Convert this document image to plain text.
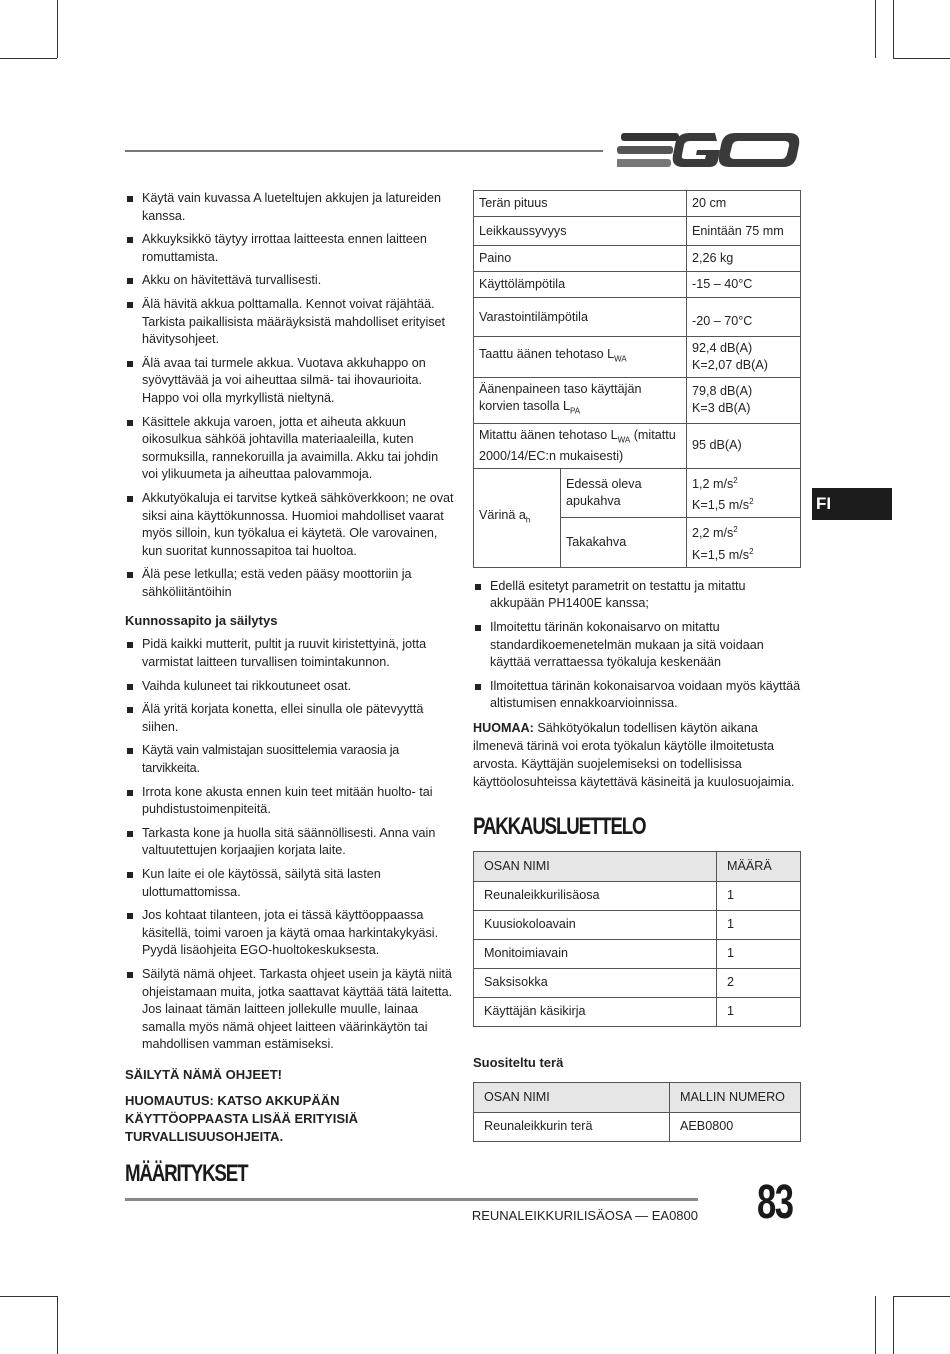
Käytä vain kuvassa A lueteltujen akkujen ja latureiden kanssa.
Akkuyksikkö täytyy irrottaa laitteesta ennen laitteen romuttamista.
Akku on hävitettävä turvallisesti.
Älä hävitä akkua polttamalla. Kennot voivat räjähtää. Tarkista paikallisista määräyksistä mahdolliset erityiset hävitysohjeet.
Älä avaa tai turmele akkua. Vuotava akkuhappo on syövyttävää ja voi aiheuttaa silmä- tai ihovaurioita. Happo voi olla myrkyllistä nieltynä.
Käsittele akkuja varoen, jotta et aiheuta akkuun oikosulkua sähköä johtavilla materiaaleilla, kuten sormuksilla, rannekoruilla ja avaimilla. Akku tai johdin voi ylikuumeta ja aiheuttaa palovammoja.
Akkutyökaluja ei tarvitse kytkeä sähköverkkoon; ne ovat siksi aina käyttökunnossa. Huomioi mahdolliset vaarat myös silloin, kun työkalua ei käytetä. Ole varovainen, kun suoritat kunnossapitoa tai huoltoa.
Älä pese letkulla; estä veden pääsy moottoriin ja sähköliitäntöihin
Kunnossapito ja säilytys
Pidä kaikki mutterit, pultit ja ruuvit kiristettyinä, jotta varmistat laitteen turvallisen toimintakunnon.
Vaihda kuluneet tai rikkoutuneet osat.
Älä yritä korjata konetta, ellei sinulla ole pätevyyttä siihen.
Käytä vain valmistajan suosittelemia varaosia ja tarvikkeita.
Irrota kone akusta ennen kuin teet mitään huolto- tai puhdistustoimenpiteitä.
Tarkasta kone ja huolla sitä säännöllisesti. Anna vain valtuutettujen korjaajien korjata laite.
Kun laite ei ole käytössä, säilytä sitä lasten ulottumattomissa.
Jos kohtaat tilanteen, jota ei tässä käyttöoppaassa käsitellä, toimi varoen ja käytä omaa harkintakykyäsi. Pyydä lisäohjeita EGO-huoltokeskuksesta.
Säilytä nämä ohjeet. Tarkasta ohjeet usein ja käytä niitä ohjeistamaan muita, jotka saattavat käyttää tätä laitetta. Jos lainaat tämän laitteen jollekulle muulle, lainaa samalla myös nämä ohjeet laitteen väärinkäytön tai mahdollisen vamman estämiseksi.

SÄILYTÄ NÄMÄ OHJEET!

HUOMAUTUS: KATSO AKKUPÄÄN KÄYTTÖOPPAASTA LISÄÄ ERITYISIÄ TURVALLISUUSOHJEITA.

MÄÄRITYKSET
Terän pituus		20 cm
Leikkaussyvyys		Enintään 75 mm
Paino		2,26 kg
Käyttölämpötila		-15 – 40°C
Varastointilämpötila		-20 – 70°C
Taattu äänen tehotaso $L_{WA}$		92,4 dB(A)
K=2,07 dB(A)
Äänenpaineen taso käyttäjän korvien tasolla $L_{PA}$		79,8 dB(A)
K=3 dB(A)
Mitattu äänen tehotaso $L_{WA}$ (mitattu 2000/14/EC:n mukaisesti)		95 dB(A)
Värinä $a_h$	Edessä oleva apukahva	1,2 $m/s^2$
K=1,5 $m/s^2$
	Takakahva	2,2 $m/s^2$
K=1,5 $m/s^2$
Edellä esitetyt parametrit on testattu ja mitattu akkupään PH1400E kanssa;
Ilmoitettu tärinän kokonaisarvo on mitattu standardikoemenetelmän mukaan ja sitä voidaan käyttää verrattaessa työkaluja keskenään
Ilmoitettua tärinän kokonaisarvoa voidaan myös käyttää altistumisen ennakkoarvioinnissa.

HUOMAA: Sähkötyökalun todellisen käytön aikana ilmenevä tärinä voi erota työkalun käytölle ilmoitetusta arvosta. Käyttäjän suojelemiseksi on todellisissa käyttöolosuhteissa käytettävä käsineitä ja kuulosuojaimia.

PAKKAUSLUETTELO
OSAN NIMI	MÄÄRÄ
Reunaleikkurilisäosa	1
Kuusiokoloavain	1
Monitoimiavain	1
Saksisokka	2
Käyttäjän käsikirja	1
Suositeltu terä
OSAN NIMI	MALLIN NUMERO
Reunaleikkurin terä	AEB0800
FI
REUNALEIKKURILISÄOSA — EA0800 83
